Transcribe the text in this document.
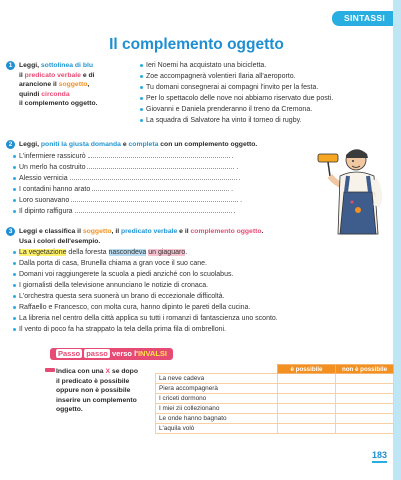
SINTASSI
Il complemento oggetto
1 Leggi, sottolinea di blu
il predicato verbale e di
arancione il soggetto,
quindi circonda
il complemento oggetto.
Ieri Noemi ha acquistato una bicicletta.
Zoe accompagnerà volentieri Ilaria all'aeroporto.
Tu domani consegnerai ai compagni l'invito per la festa.
Per lo spettacolo delle nove noi abbiamo riservato due posti.
Giovanni e Daniela prenderanno il treno da Cremona.
La squadra di Salvatore ha vinto il torneo di rugby.
2 Leggi, poniti la giusta domanda e completa con un complemento oggetto.
L'infermiere rassicurò	.
Un merlo ha costruito	.
Alessio vernicia	.
I contadini hanno arato	.
Loro suonavano	.
Il dipinto raffigura	.
3 Leggi e classifica il soggetto, il predicato verbale e il complemento oggetto.
Usa i colori dell'esempio.
La vegetazione della foresta nascondeva un giaguaro.
Dalla porta di casa, Brunella chiama a gran voce il suo cane.
Domani voi raggiungerete la scuola a piedi anziché con lo scuolabus.
I giornalisti della televisione annunciano le notizie di cronaca.
L'orchestra questa sera suonerà un brano di eccezionale difficoltà.
Raffaello e Francesco, con molta cura, hanno dipinto le pareti della cucina.
La libreria nel centro della città applica su tutti i romanzi di fantascienza uno sconto.
Il vento di poco fa ha strappato la tela della prima fila di ombrelloni.
Passo passo verso l'INVALSI
Indica con una X se dopo
il predicato è possibile
oppure non è possibile
inserire un complemento
oggetto.
	è possibile	non è possibile
La neve cadeva		
Piera accompagnerà		
I criceti dormono		
I miei zii collezionano		
Le onde hanno bagnato		
L'aquila volò		
183
